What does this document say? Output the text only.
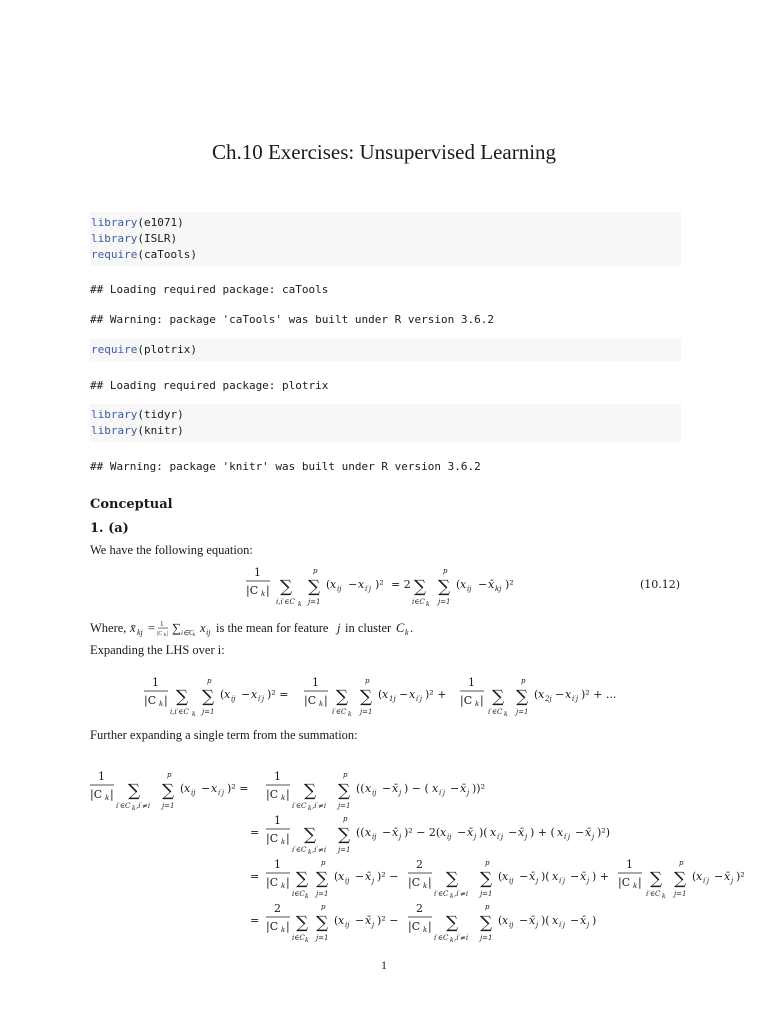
Ch.10 Exercises: Unsupervised Learning
library(e1071)
library(ISLR)
require(caTools)
## Loading required package: caTools
## Warning: package 'caTools' was built under R version 3.6.2
require(plotrix)
## Loading required package: plotrix
library(tidyr)
library(knitr)
## Warning: package 'knitr' was built under R version 3.6.2
Conceptual
1. (a)
We have the following equation:
1
|C k | ∑
i,i′∈C k
∑
p
j=1
( x ij − x i′j )² = 2 ∑
i∈C k
∑
p
j=1
( x ij − x̄ kj )²	(10.12)
Where, x̄ kj = 1
|C k | ∑ i∈C k
x ij is the mean for feature j in cluster C k .
Expanding the LHS over i:
1
|C k | ∑
i,i′∈C k
∑
p
j=1
( x ij − x i′j )² =
1
|C k | ∑
i′∈C k
∑
p
j=1
( x 1j − x i′j )² +
1
|C k | ∑
i′∈C k
∑
p
j=1
( x 2j − x i′j )² + ...
Further expanding a single term from the summation:
1
|C k | ∑
i′∈C k ,i′≠i
∑
p
j=1
( x ij − x i′j )² =
1
|C k | ∑
i′∈C k ,i′≠i
∑
p
j=1
(( x ij − x̄ j ) − ( x i′j − x̄ j ))²
=
1
|C k | ∑
i′∈C k ,i′≠i
∑
p
j=1
(( x ij − x̄ j )² − 2( x ij − x̄ j )( x i′j − x̄ j ) + ( x i′j − x̄ j )²)
=
1
|C k | ∑
i∈C k
∑
p
j=1
( x ij − x̄ j )² −
2
|C k | ∑
i′∈C k ,i′≠i
∑
p
j=1
( x ij − x̄ j )( x i′j − x̄ j ) +
1
|C k | ∑
i′∈C k
∑
p
j=1
( x i′j − x̄ j )²
=
2
|C k | ∑
i∈C k
∑
p
j=1
( x ij − x̄ j )² −
2
|C k | ∑
i′∈C k ,i′≠i
∑
p
j=1
( x ij − x̄ j )( x i′j − x̄ j )
1
